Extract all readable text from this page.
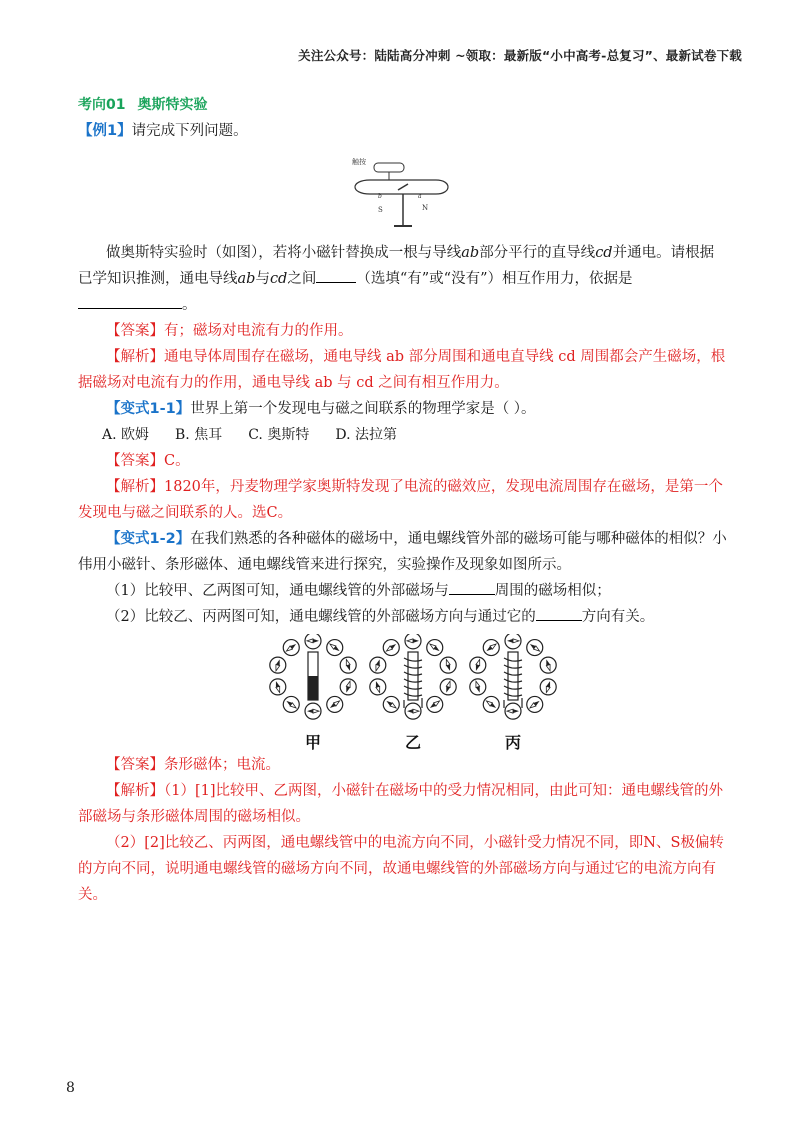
关注公众号：陆陆高分冲刺 ~领取：最新版“小中高考-总复习”、最新试卷下载

考向01 奥斯特实验

【例1】请完成下列问题。

触按
b	a
S	N

做奥斯特实验时（如图），若将小磁针替换成一根与导线ab部分平行的直导线cd并通电。请根据已学知识推测，通电导线ab与cd之间	（选填“有”或“没有”）相互作用力，依据是。

【答案】有；磁场对电流有力的作用。

【解析】通电导体周围存在磁场，通电导线 ab 部分周围和通电直导线 cd 周围都会产生磁场，根据磁场对电流有力的作用，通电导线 ab 与 cd 之间有相互作用力。

【变式1-1】世界上第一个发现电与磁之间联系的物理学家是（ ）。

A. 欧姆 B. 焦耳 C. 奥斯特 D. 法拉第

【答案】C。

【解析】1820年，丹麦物理学家奥斯特发现了电流的磁效应，发现电流周围存在磁场，是第一个发现电与磁之间联系的人。选C。

【变式1-2】在我们熟悉的各种磁体的磁场中，通电螺线管外部的磁场可能与哪种磁体的相似？小伟用小磁针、条形磁体、通电螺线管来进行探究，实验操作及现象如图所示。

（1）比较甲、乙两图可知，通电螺线管的外部磁场与	周围的磁场相似；

（2）比较乙、丙两图可知，通电螺线管的外部磁场方向与通过它的	方向有关。

甲	乙	丙

【答案】条形磁体；电流。

【解析】（1）[1]比较甲、乙两图，小磁针在磁场中的受力情况相同，由此可知：通电螺线管的外部磁场与条形磁体周围的磁场相似。

（2）[2]比较乙、丙两图，通电螺线管中的电流方向不同，小磁针受力情况不同，即N、S极偏转的方向不同，说明通电螺线管的磁场方向不同，故通电螺线管的外部磁场方向与通过它的电流方向有关。

8
